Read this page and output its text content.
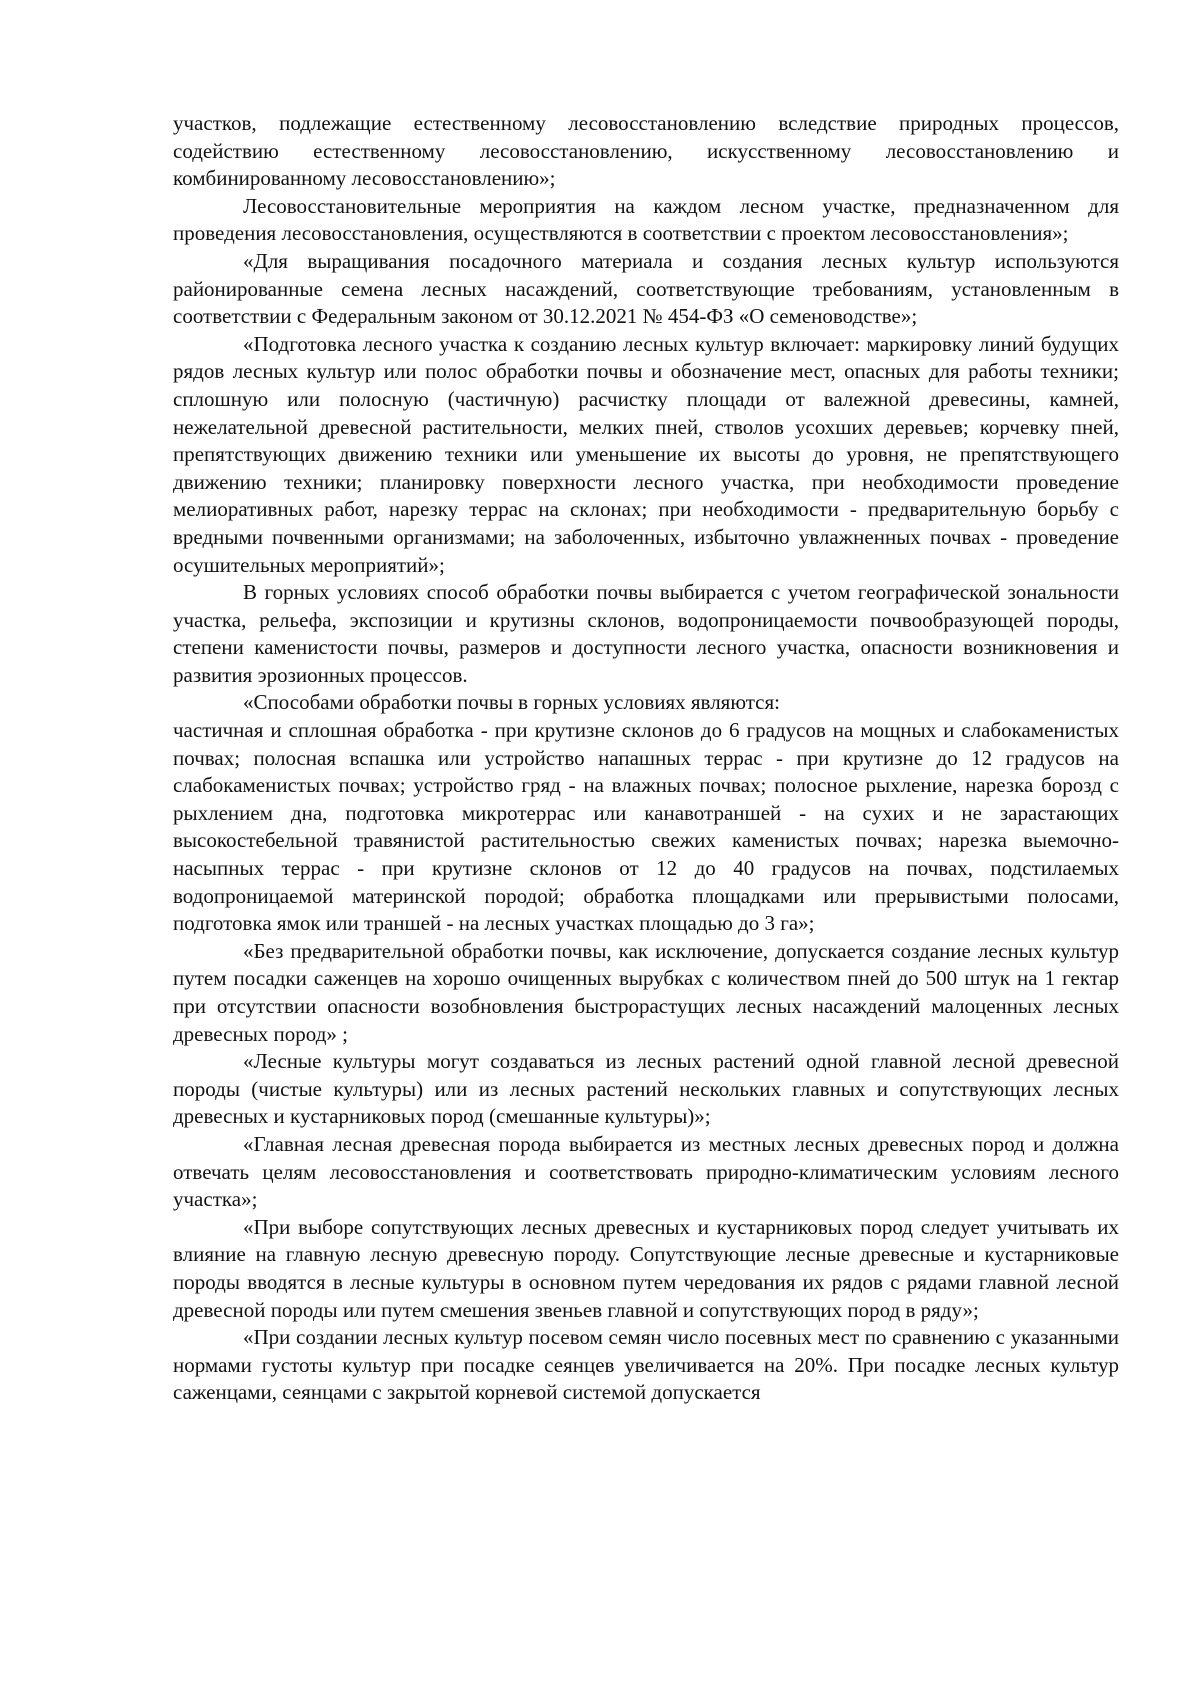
участков, подлежащие естественному лесовосстановлению вследствие природных процессов, содействию естественному лесовосстановлению, искусственному лесовосстановлению и комбинированному лесовосстановлению»;

Лесовосстановительные мероприятия на каждом лесном участке, предназначенном для проведения лесовосстановления, осуществляются в соответствии с проектом лесовосстановления»;

«Для выращивания посадочного материала и создания лесных культур используются районированные семена лесных насаждений, соответствующие требованиям, установленным в соответствии с Федеральным законом от 30.12.2021 № 454-ФЗ «О семеноводстве»;

«Подготовка лесного участка к созданию лесных культур включает: маркировку линий будущих рядов лесных культур или полос обработки почвы и обозначение мест, опасных для работы техники; сплошную или полосную (частичную) расчистку площади от валежной древесины, камней, нежелательной древесной растительности, мелких пней, стволов усохших деревьев; корчевку пней, препятствующих движению техники или уменьшение их высоты до уровня, не препятствующего движению техники; планировку поверхности лесного участка, при необходимости проведение мелиоративных работ, нарезку террас на склонах; при необходимости - предварительную борьбу с вредными почвенными организмами; на заболоченных, избыточно увлажненных почвах - проведение осушительных мероприятий»;

В горных условиях способ обработки почвы выбирается с учетом географической зональности участка, рельефа, экспозиции и крутизны склонов, водопроницаемости почвообразующей породы, степени каменистости почвы, размеров и доступности лесного участка, опасности возникновения и развития эрозионных процессов.

«Способами обработки почвы в горных условиях являются:

частичная и сплошная обработка - при крутизне склонов до 6 градусов на мощных и слабокаменистых почвах; полосная вспашка или устройство напашных террас - при крутизне до 12 градусов на слабокаменистых почвах; устройство гряд - на влажных почвах; полосное рыхление, нарезка борозд с рыхлением дна, подготовка микротеррас или канавотраншей - на сухих и не зарастающих высокостебельной травянистой растительностью свежих каменистых почвах; нарезка выемочно-насыпных террас - при крутизне склонов от 12 до 40 градусов на почвах, подстилаемых водопроницаемой материнской породой; обработка площадками или прерывистыми полосами, подготовка ямок или траншей - на лесных участках площадью до 3 га»;

«Без предварительной обработки почвы, как исключение, допускается создание лесных культур путем посадки саженцев на хорошо очищенных вырубках с количеством пней до 500 штук на 1 гектар при отсутствии опасности возобновления быстрорастущих лесных насаждений малоценных лесных древесных пород» ;

«Лесные культуры могут создаваться из лесных растений одной главной лесной древесной породы (чистые культуры) или из лесных растений нескольких главных и сопутствующих лесных древесных и кустарниковых пород (смешанные культуры)»;

«Главная лесная древесная порода выбирается из местных лесных древесных пород и должна отвечать целям лесовосстановления и соответствовать природно-климатическим условиям лесного участка»;

«При выборе сопутствующих лесных древесных и кустарниковых пород следует учитывать их влияние на главную лесную древесную породу. Сопутствующие лесные древесные и кустарниковые породы вводятся в лесные культуры в основном путем чередования их рядов с рядами главной лесной древесной породы или путем смешения звеньев главной и сопутствующих пород в ряду»;

«При создании лесных культур посевом семян число посевных мест по сравнению с указанными нормами густоты культур при посадке сеянцев увеличивается на 20%. При посадке лесных культур саженцами, сеянцами с закрытой корневой системой допускается
